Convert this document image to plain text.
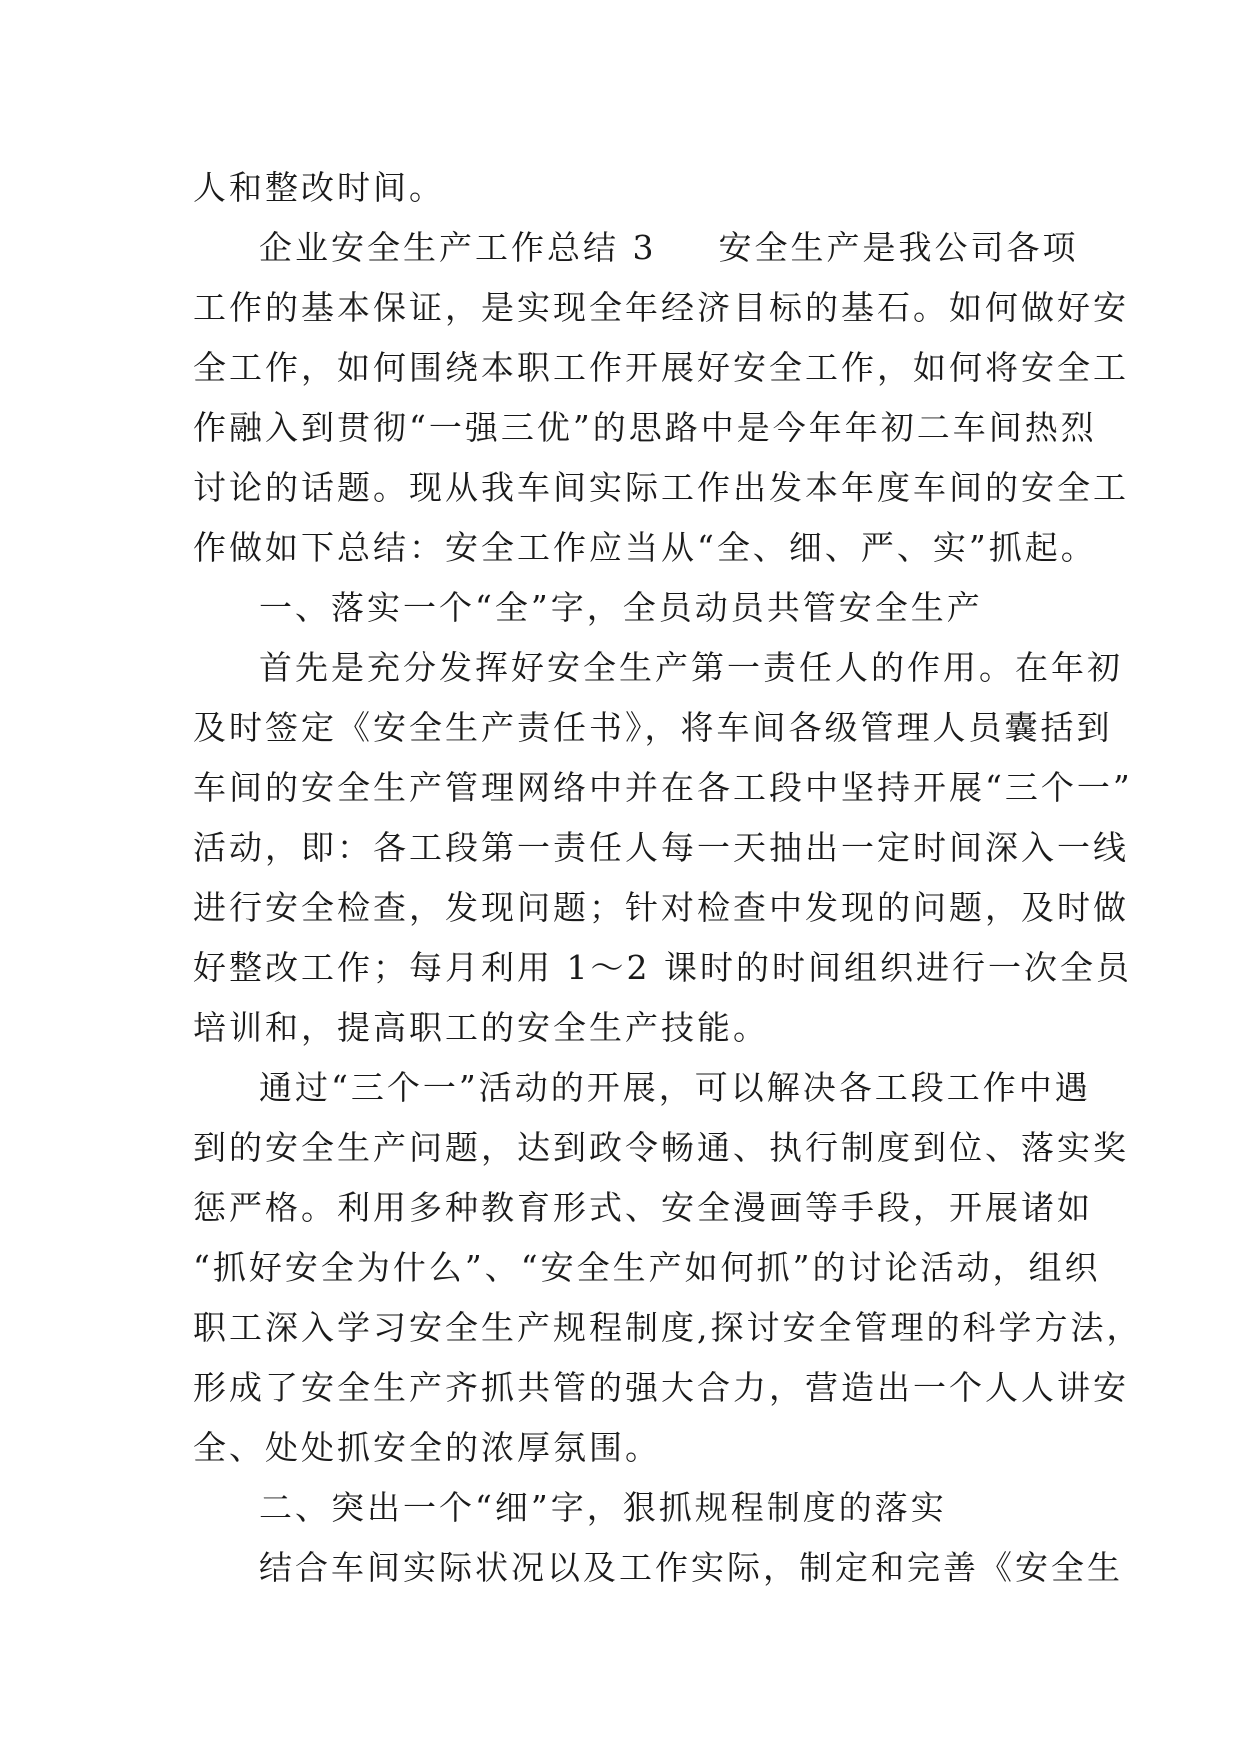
人和整改时间。
企业安全生产工作总结 3 安全生产是我公司各项
工作的基本保证，是实现全年经济目标的基石。如何做好安
全工作，如何围绕本职工作开展好安全工作，如何将安全工
作融入到贯彻“一强三优”的思路中是今年年初二车间热烈
讨论的话题。现从我车间实际工作出发本年度车间的安全工
作做如下总结：安全工作应当从“全、细、严、实”抓起。
一、落实一个“全”字，全员动员共管安全生产
首先是充分发挥好安全生产第一责任人的作用。在年初
及时签定《安全生产责任书》，将车间各级管理人员囊括到
车间的安全生产管理网络中并在各工段中坚持开展“三个一”
活动，即：各工段第一责任人每一天抽出一定时间深入一线
进行安全检查，发现问题；针对检查中发现的问题，及时做
好整改工作；每月利用 1～2 课时的时间组织进行一次全员
培训和，提高职工的安全生产技能。
通过“三个一”活动的开展，可以解决各工段工作中遇
到的安全生产问题，达到政令畅通、执行制度到位、落实奖
惩严格。利用多种教育形式、安全漫画等手段，开展诸如
“抓好安全为什么”、“安全生产如何抓”的讨论活动，组织
职工深入学习安全生产规程制度,探讨安全管理的科学方法，
形成了安全生产齐抓共管的强大合力，营造出一个人人讲安
全、处处抓安全的浓厚氛围。
二、突出一个“细”字，狠抓规程制度的落实
结合车间实际状况以及工作实际，制定和完善《安全生
